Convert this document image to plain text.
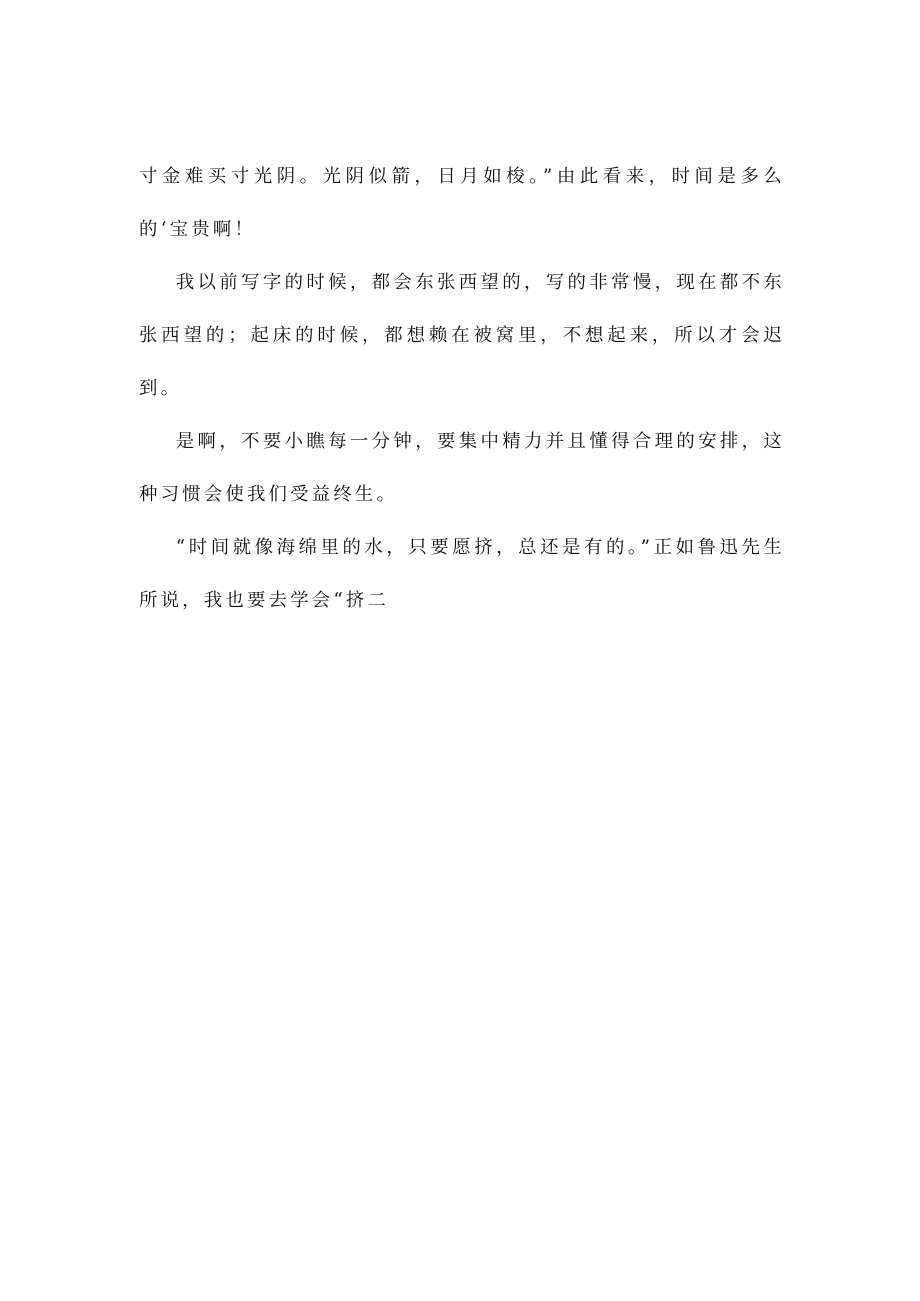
寸金难买寸光阴。光阴似箭，日月如梭。”由此看来，时间是多么的‘宝贵啊！

我以前写字的时候，都会东张西望的，写的非常慢，现在都不东张西望的；起床的时候，都想赖在被窝里，不想起来，所以才会迟到。

是啊，不要小瞧每一分钟，要集中精力并且懂得合理的安排，这种习惯会使我们受益终生。

“时间就像海绵里的水，只要愿挤，总还是有的。”正如鲁迅先生所说，我也要去学会“挤二
